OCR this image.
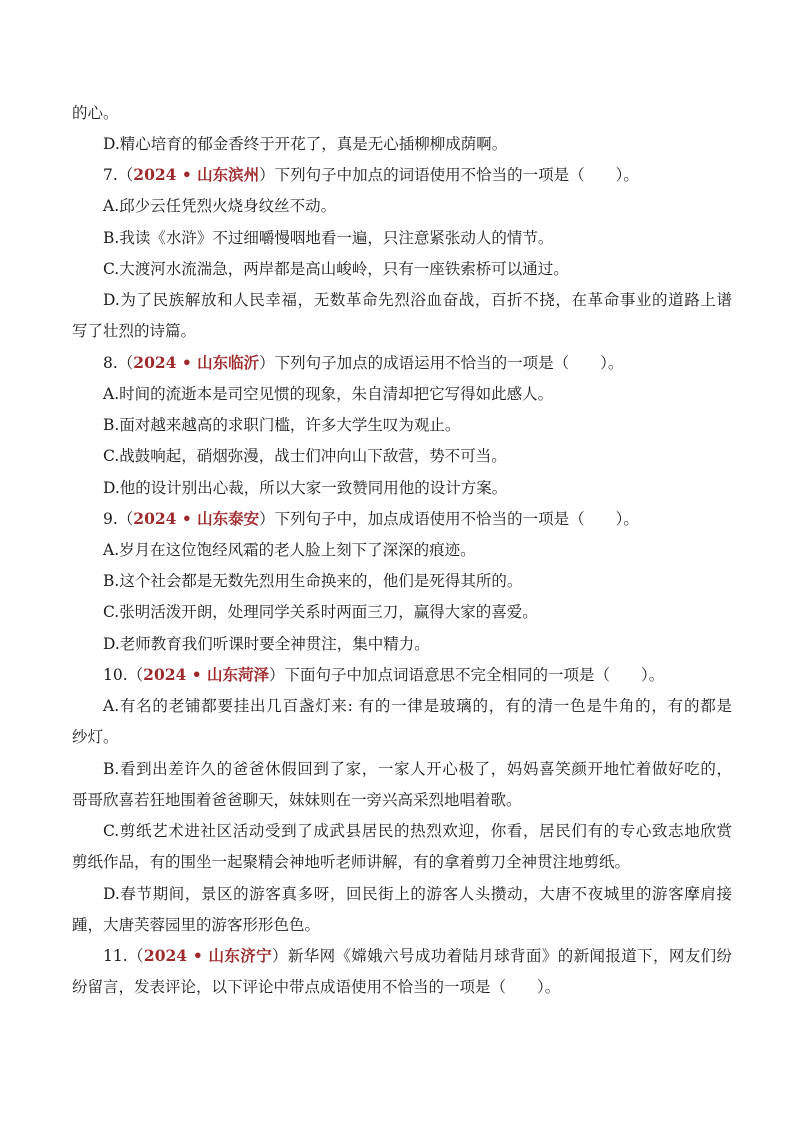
的心。
D.精心培育的郁金香终于开花了，真是无心插柳柳成荫啊。
7.（2024 • 山东滨州）下列句子中加点的词语使用不恰当的一项是（　　）。
A.邱少云任凭烈火烧身纹丝不动。
B.我读《水浒》不过细嚼慢咽地看一遍，只注意紧张动人的情节。
C.大渡河水流湍急，两岸都是高山峻岭，只有一座铁索桥可以通过。
D.为了民族解放和人民幸福，无数革命先烈浴血奋战，百折不挠，在革命事业的道路上谱
写了壮烈的诗篇。
8.（2024 • 山东临沂）下列句子加点的成语运用不恰当的一项是（　　）。
A.时间的流逝本是司空见惯的现象，朱自清却把它写得如此感人。
B.面对越来越高的求职门槛，许多大学生叹为观止。
C.战鼓响起，硝烟弥漫，战士们冲向山下敌营，势不可当。
D.他的设计别出心裁，所以大家一致赞同用他的设计方案。
9.（2024 • 山东泰安）下列句子中，加点成语使用不恰当的一项是（　　）。
A.岁月在这位饱经风霜的老人脸上刻下了深深的痕迹。
B.这个社会都是无数先烈用生命换来的，他们是死得其所的。
C.张明活泼开朗，处理同学关系时两面三刀，赢得大家的喜爱。
D.老师教育我们听课时要全神贯注，集中精力。
10.（2024 • 山东菏泽）下面句子中加点词语意思不完全相同的一项是（　　）。
A.有名的老铺都要挂出几百盏灯来: 有的一律是玻璃的，有的清一色是牛角的，有的都是
纱灯。
B.看到出差许久的爸爸休假回到了家，一家人开心极了，妈妈喜笑颜开地忙着做好吃的，
哥哥欣喜若狂地围着爸爸聊天，妹妹则在一旁兴高采烈地唱着歌。
C.剪纸艺术进社区活动受到了成武县居民的热烈欢迎，你看，居民们有的专心致志地欣赏
剪纸作品，有的围坐一起聚精会神地听老师讲解，有的拿着剪刀全神贯注地剪纸。
D.春节期间，景区的游客真多呀，回民街上的游客人头攒动，大唐不夜城里的游客摩肩接
踵，大唐芙蓉园里的游客形形色色。
11.（2024 • 山东济宁）新华网《嫦娥六号成功着陆月球背面》的新闻报道下，网友们纷
纷留言，发表评论，以下评论中带点成语使用不恰当的一项是（　　）。
